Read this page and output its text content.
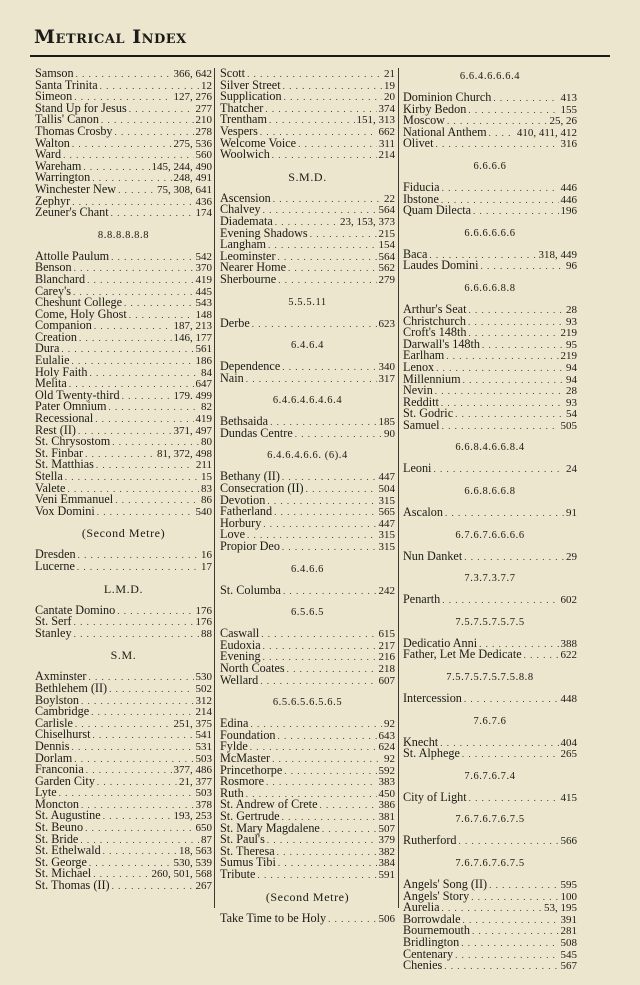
Metrical Index
Samson . . .	366, 642
Santa Trinita . . .	12
Simeon . . .	127, 276
Stand Up for Jesus . . .	277
Tallis' Canon . . .	210
Thomas Crosby . . .	278
Walton . . .	275, 536
Ward . . .	560
Wareham . . .	145, 244, 490
Warrington . . .	248, 491
Winchester New . . .	75, 308, 641
Zephyr . . .	436
Zeuner's Chant . . .	174
8.8.8.8.8.8
Attolle Paulum . . .	542
Benson . . .	370
Blanchard . . .	419
Carey's . . .	445
Cheshunt College . . .	543
Come, Holy Ghost . . .	148
Companion . . .	187, 213
Creation . . .	146, 177
Dura . . .	561
Eulalie . . .	186
Holy Faith . . .	84
Melita . . .	647
Old Twenty-third . . .	179. 499
Pater Omnium . . .	82
Recessional . . .	419
Rest (II) . . .	371, 497
St. Chrysostom . . .	80
St. Finbar . . .	81, 372, 498
St. Matthias . . .	211
Stella . . .	15
Valete . . .	83
Veni Emmanuel . . .	86
Vox Domini . . .	540
(Second Metre)
Dresden . . .	16
Lucerne . . .	17
L.M.D.
Cantate Domino . . .	176
St. Serf . . .	176
Stanley . . .	88
S.M.
Axminster . . .	530
Bethlehem (II) . . .	502
Boylston . . .	312
Cambridge . . .	214
Carlisle . . .	251, 375
Chiselhurst . . .	541
Dennis . . .	531
Dorlam . . .	503
Franconia . . .	377, 486
Garden City . . .	21, 377
Lyte . . .	503
Moncton . . .	378
St. Augustine . . .	193, 253
St. Beuno . . .	650
St. Bride . . .	87
St. Ethelwald . . .	18, 563
St. George . . .	530, 539
St. Michael . . .	260, 501, 568
St. Thomas (II) . . .	267
Scott . . .	21
Silver Street . . .	19
Supplication . . .	20
Thatcher . . .	374
Trentham . . .	151, 313
Vespers . . .	662
Welcome Voice . . .	311
Woolwich . . .	214
S.M.D.
Ascension . . .	22
Chalvey . . .	564
Diademata . . .	23, 153, 373
Evening Shadows . . .	215
Langham . . .	154
Leominster . . .	564
Nearer Home . . .	562
Sherbourne . . .	279
5.5.5.11
Derbe . . .	623
6.4.6.4
Dependence . . .	340
Nain . . .	317
6.4.6.4.6.4.6.4
Bethsaida . . .	185
Dundas Centre . . .	90
6.4.6.4.6.6. (6).4
Bethany (II) . . .	447
Consecration (II) . . .	504
Devotion . . .	315
Fatherland . . .	565
Horbury . . .	447
Love . . .	315
Propior Deo . . .	315
6.4.6.6
St. Columba . . .	242
6.5.6.5
Caswall . . .	615
Eudoxia . . .	217
Evening . . .	216
North Coates . . .	218
Wellard . . .	607
6.5.6.5.6.5.6.5
Edina . . .	92
Foundation . . .	643
Fylde . . .	624
McMaster . . .	92
Princethorpe . . .	592
Rosmore . . .	383
Ruth . . .	450
St. Andrew of Crete . . .	386
St. Gertrude . . .	381
St. Mary Magdalene . . .	507
St. Paul's . . .	379
St. Theresa . . .	382
Sumus Tibi . . .	384
Tribute . . .	591
(Second Metre)
Take Time to be Holy . . .	506
6.6.4.6.6.6.4
Dominion Church . . .	413
Kirby Bedon . . .	155
Moscow . . .	25, 26
National Anthem . . .	410, 411, 412
Olivet . . .	316
6.6.6.6
Fiducia . . .	446
Ibstone . . .	446
Quam Dilecta . . .	196
6.6.6.6.6.6
Baca . . .	318, 449
Laudes Domini . . .	96
6.6.6.6.8.8
Arthur's Seat . . .	28
Christchurch . . .	93
Croft's 148th . . .	219
Darwall's 148th . . .	95
Earlham . . .	219
Lenox . . .	94
Millennium . . .	94
Nevin . . .	28
Redditt . . .	93
St. Godric . . .	54
Samuel . . .	505
6.6.8.4.6.6.8.4
Leoni . . .	24
6.6.8.6.6.8
Ascalon . . .	91
6.7.6.7.6.6.6.6
Nun Danket . . .	29
7.3.7.3.7.7
Penarth . . .	602
7.5.7.5.7.5.7.5
Dedicatio Anni . . .	388
Father, Let Me Dedicate . . .	622
7.5.7.5.7.5.7.5.8.8
Intercession . . .	448
7.6.7.6
Knecht . . .	404
St. Alphege . . .	265
7.6.7.6.7.4
City of Light . . .	415
7.6.7.6.7.6.7.5
Rutherford . . .	566
7.6.7.6.7.6.7.5
Angels' Song (II) . . .	595
Angels' Story . . .	100
Aurelia . . .	53, 195
Borrowdale . . .	391
Bournemouth . . .	281
Bridlington . . .	508
Centenary . . .	545
Chenies . . .	567
